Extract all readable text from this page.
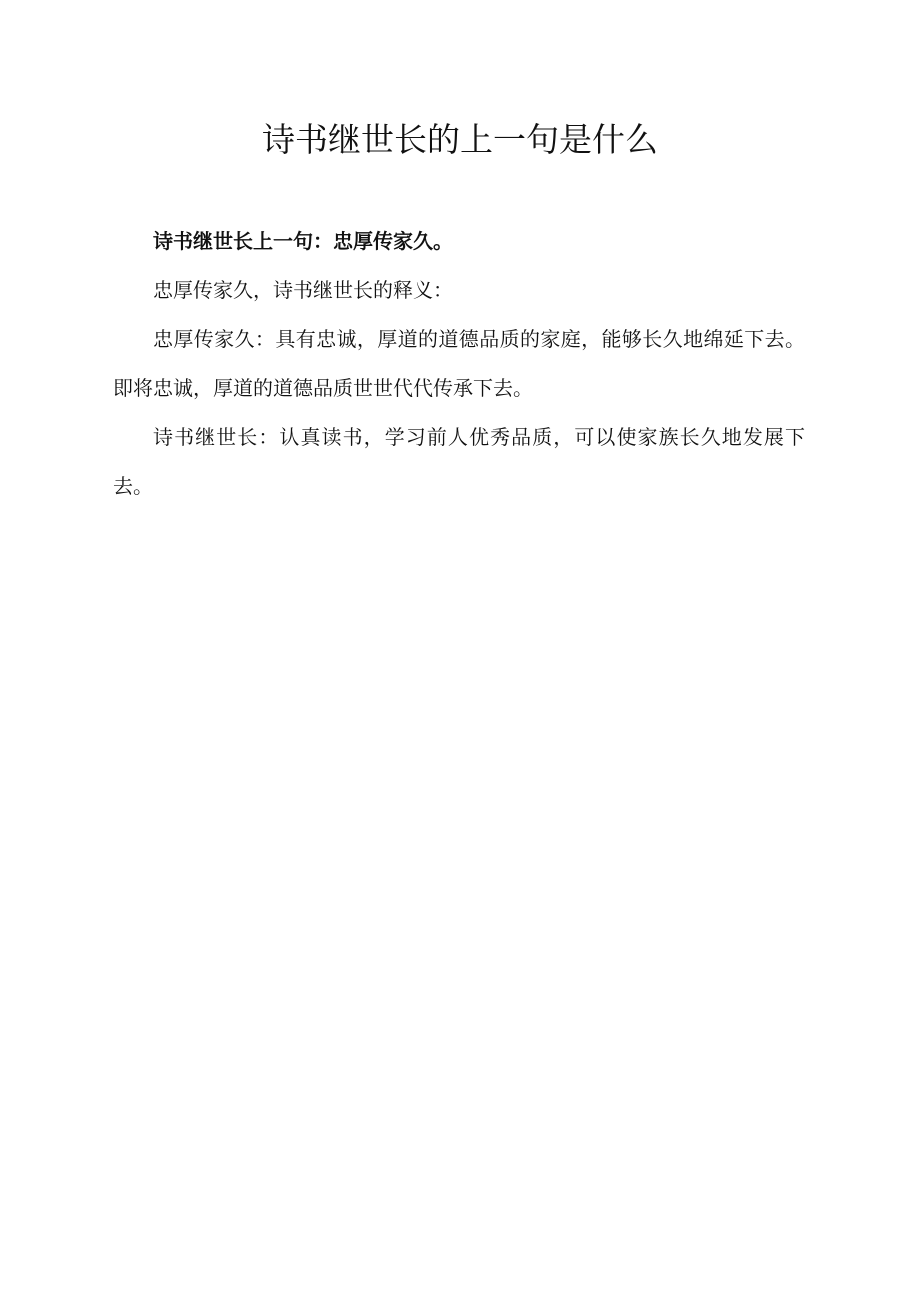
诗书继世长的上一句是什么

诗书继世长上一句：忠厚传家久。

忠厚传家久，诗书继世长的释义：

忠厚传家久：具有忠诚，厚道的道德品质的家庭，能够长久地绵延下去。即将忠诚，厚道的道德品质世世代代传承下去。

诗书继世长：认真读书，学习前人优秀品质，可以使家族长久地发展下去。
